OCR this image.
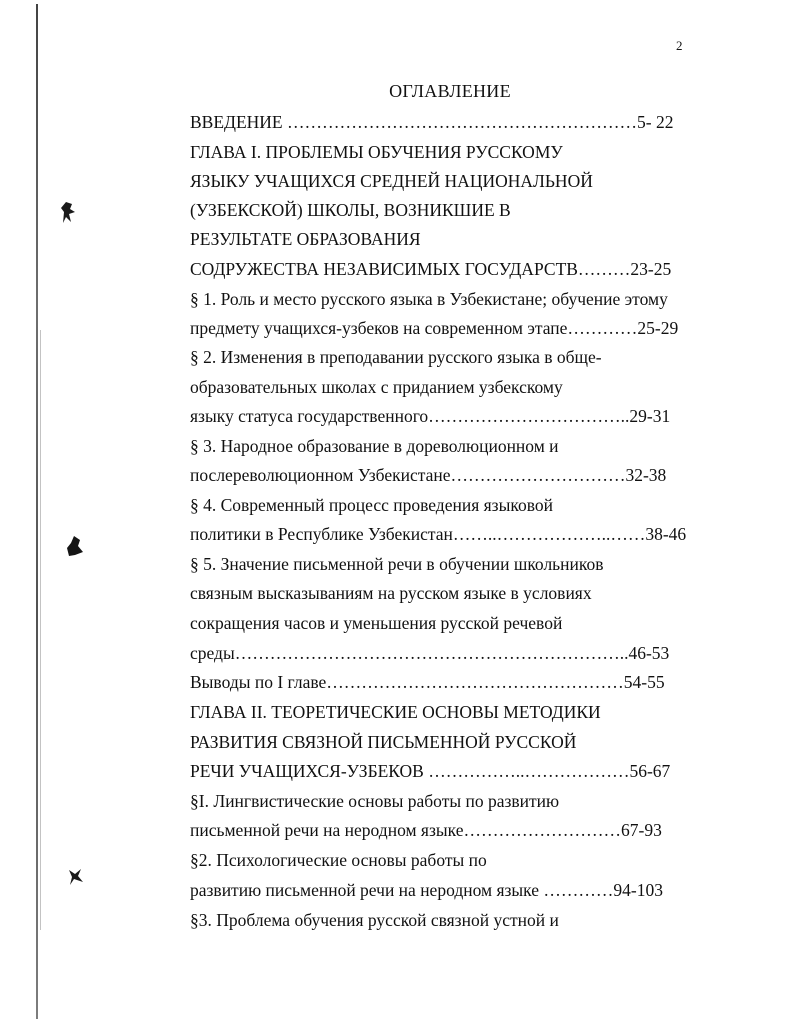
2
ОГЛАВЛЕНИЕ
ВВЕДЕНИЕ ……………………………………………………5- 22
ГЛАВА I. ПРОБЛЕМЫ ОБУЧЕНИЯ РУССКОМУ
ЯЗЫКУ УЧАЩИХСЯ СРЕДНЕЙ НАЦИОНАЛЬНОЙ
(УЗБЕКСКОЙ) ШКОЛЫ, ВОЗНИКШИЕ В
РЕЗУЛЬТАТЕ ОБРАЗОВАНИЯ
СОДРУЖЕСТВА НЕЗАВИСИМЫХ ГОСУДАРСТВ………23-25
§ 1. Роль и место русского языка в Узбекистане; обучение этому
предмету учащихся-узбеков на современном этапе…………25-29
§ 2. Изменения в преподавании русского языка в обще-
образовательных школах с приданием узбекскому
языку статуса государственного……………………………..29-31
§ 3. Народное образование в дореволюционном и
послереволюционном Узбекистане…………………………32-38
§ 4. Современный процесс проведения языковой
политики в Республике Узбекистан……..………………..……38-46
§ 5. Значение письменной речи в обучении школьников
связным высказываниям на русском языке в условиях
сокращения часов и уменьшения русской речевой
среды…………………………………………………………..46-53
Выводы по I главе……………………………………………54-55
ГЛАВА II. ТЕОРЕТИЧЕСКИЕ ОСНОВЫ МЕТОДИКИ
РАЗВИТИЯ СВЯЗНОЙ ПИСЬМЕННОЙ РУССКОЙ
РЕЧИ УЧАЩИХСЯ-УЗБЕКОВ ……………..………………56-67
§I. Лингвистические основы работы по развитию
письменной речи на неродном языке………………………67-93
§2. Психологические основы работы по
развитию письменной речи на неродном языке …………94-103
§3. Проблема обучения русской связной устной и
